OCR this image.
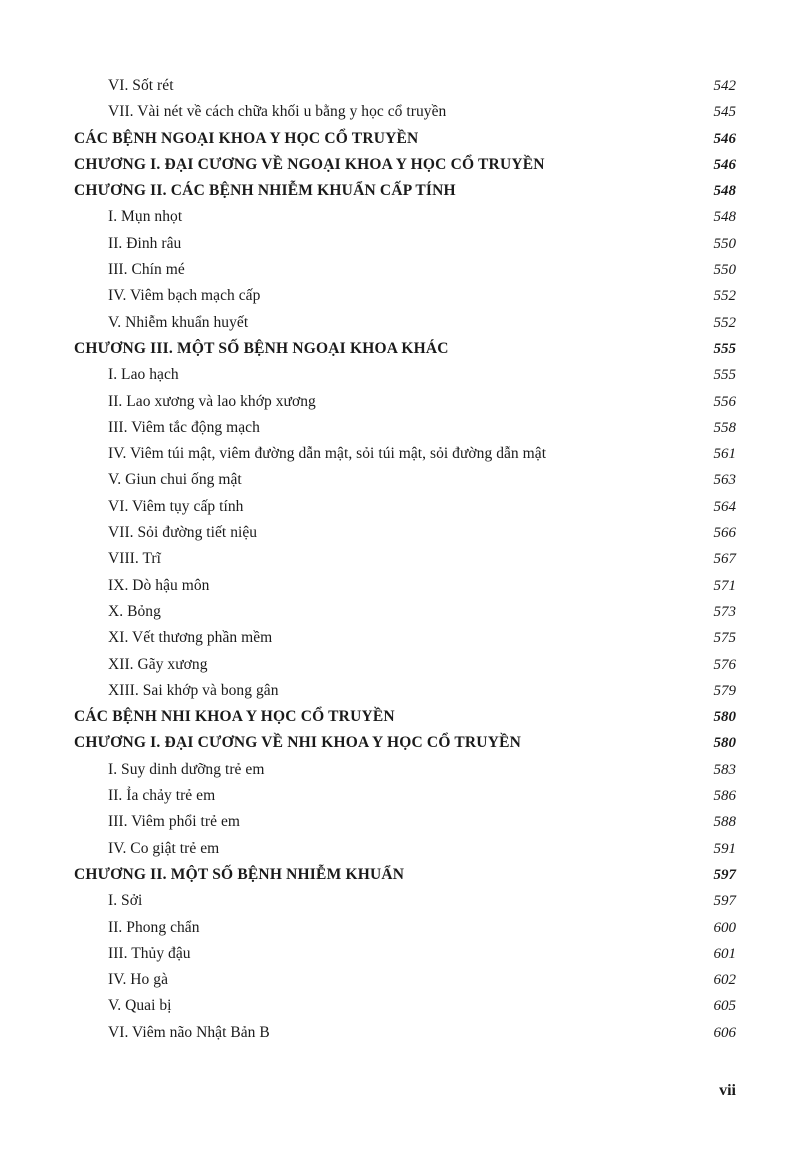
VI. Sốt rét	542
VII. Vài nét về cách chữa khối u bằng y học cổ truyền	545
CÁC BỆNH NGOẠI KHOA Y HỌC CỔ TRUYỀN	546
CHƯƠNG I. ĐẠI CƯƠNG VỀ NGOẠI KHOA Y HỌC CỔ TRUYỀN	546
CHƯƠNG II. CÁC BỆNH NHIỄM KHUẨN CẤP TÍNH	548
I. Mụn nhọt	548
II. Đinh râu	550
III. Chín mé	550
IV. Viêm bạch mạch cấp	552
V. Nhiễm khuẩn huyết	552
CHƯƠNG III. MỘT SỐ BỆNH NGOẠI KHOA KHÁC	555
I. Lao hạch	555
II. Lao xương và lao khớp xương	556
III. Viêm tắc động mạch	558
IV. Viêm túi mật, viêm đường dẫn mật, sỏi túi mật, sỏi đường dẫn mật	561
V. Giun chui ống mật	563
VI. Viêm tụy cấp tính	564
VII. Sỏi đường tiết niệu	566
VIII. Trĩ	567
IX. Dò hậu môn	571
X. Bỏng	573
XI. Vết thương phần mềm	575
XII. Gãy xương	576
XIII. Sai khớp và bong gân	579
CÁC BỆNH NHI KHOA Y HỌC CỔ TRUYỀN	580
CHƯƠNG I. ĐẠI CƯƠNG VỀ NHI KHOA Y HỌC CỔ TRUYỀN	580
I. Suy dinh dưỡng trẻ em	583
II. Ỉa chảy trẻ em	586
III. Viêm phổi trẻ em	588
IV. Co giật trẻ em	591
CHƯƠNG II. MỘT SỐ BỆNH NHIỄM KHUẨN	597
I. Sởi	597
II. Phong chẩn	600
III. Thủy đậu	601
IV. Ho gà	602
V. Quai bị	605
VI. Viêm não Nhật Bản B	606
vii
